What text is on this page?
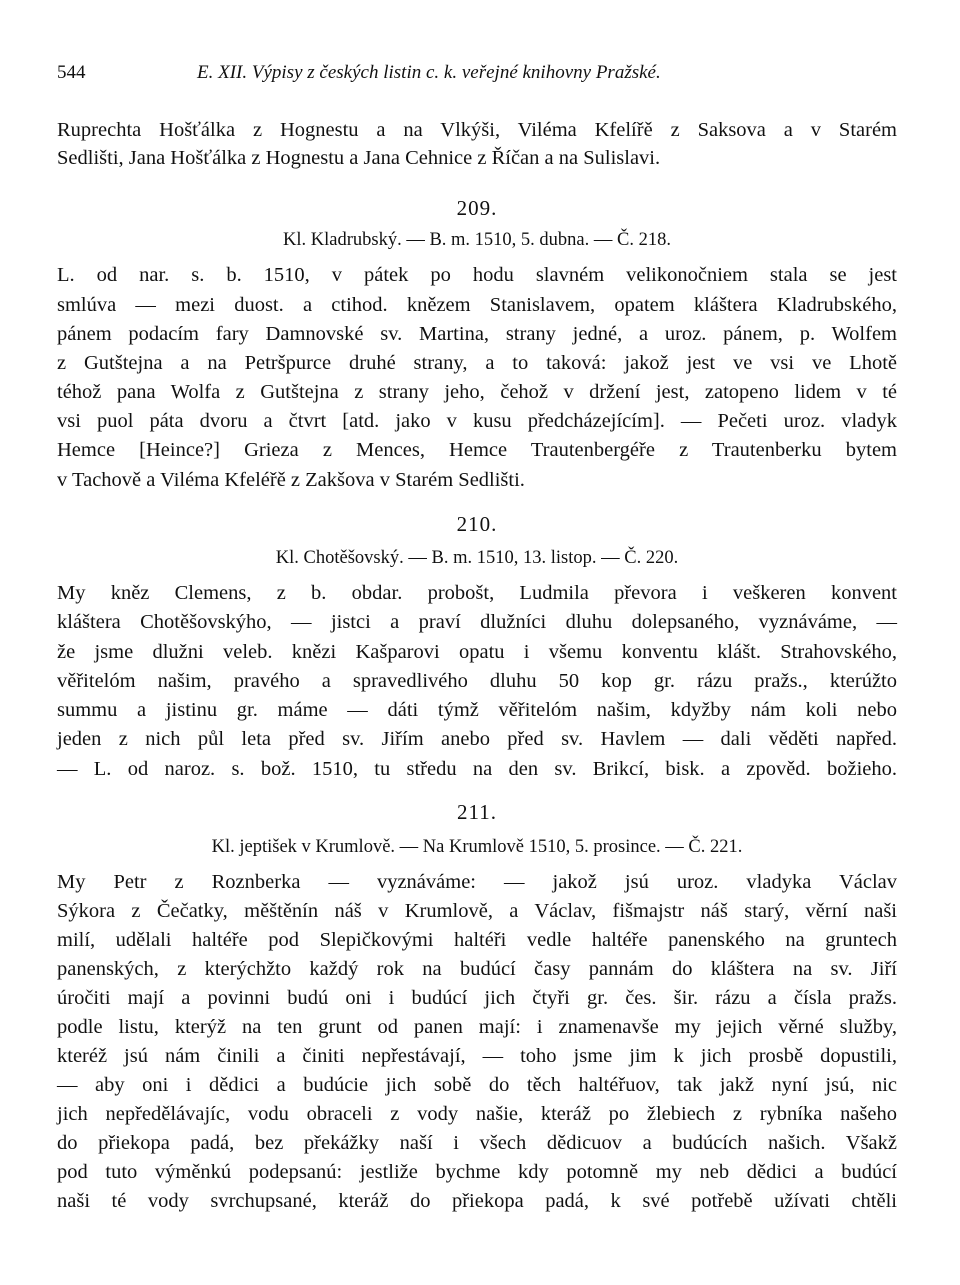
544	E. XII. Výpisy z českých listin c. k. veřejné knihovny Pražské.
Ruprechta Hošťálka z Hognestu a na Vlkýši, Viléma Kfelířě z Saksova a v Starém
Sedlišti, Jana Hošťálka z Hognestu a Jana Cehnice z Říčan a na Sulislavi.
209.
Kl. Kladrubský. — B. m. 1510, 5. dubna. — Č. 218.
L. od nar. s. b. 1510, v pátek po hodu slavném velikonočniem stala se jest
smlúva — mezi duost. a ctihod. knězem Stanislavem, opatem kláštera Kladrubského,
pánem podacím fary Damnovské sv. Martina, strany jedné, a uroz. pánem, p. Wolfem
z Gutštejna a na Petršpurce druhé strany, a to taková: jakož jest ve vsi ve Lhotě
téhož pana Wolfa z Gutštejna z strany jeho, čehož v držení jest, zatopeno lidem v té
vsi puol páta dvoru a čtvrt [atd. jako v kusu předcházejícím]. — Pečeti uroz. vladyk
Hemce [Heince?] Grieza z Mences, Hemce Trautenbergéře z Trautenberku bytem
v Tachově a Viléma Kfeléřě z Zakšova v Starém Sedlišti.
210.
Kl. Chotěšovský. — B. m. 1510, 13. listop. — Č. 220.
My kněz Clemens, z b. obdar. probošt, Ludmila převora i veškeren konvent
kláštera Chotěšovskýho, — jistci a praví dlužníci dluhu dolepsaného, vyznáváme, —
že jsme dlužni veleb. knězi Kašparovi opatu i všemu konventu klášt. Strahovského,
věřitelóm našim, pravého a spravedlivého dluhu 50 kop gr. rázu pražs., kterúžto
summu a jistinu gr. máme — dáti týmž věřitelóm našim, kdyžby nám koli nebo
jeden z nich půl leta před sv. Jiřím anebo před sv. Havlem — dali věděti napřed.
— L. od naroz. s. bož. 1510, tu středu na den sv. Brikcí, bisk. a zpověd. božieho.
211.
Kl. jeptišek v Krumlově. — Na Krumlově 1510, 5. prosince. — Č. 221.
My Petr z Roznberka — vyznáváme: — jakož jsú uroz. vladyka Václav
Sýkora z Čečatky, měštěnín náš v Krumlově, a Václav, fišmajstr náš starý, věrní naši
milí, udělali haltéře pod Slepičkovými haltéři vedle haltéře panenského na gruntech
panenských, z kterýchžto každý rok na budúcí časy pannám do kláštera na sv. Jiří
úročiti mají a povinni budú oni i budúcí jich čtyři gr. čes. šir. rázu a čísla pražs.
podle listu, kterýž na ten grunt od panen mají: i znamenavše my jejich věrné služby,
kteréž jsú nám činili a činiti nepřestávají, — toho jsme jim k jich prosbě dopustili,
— aby oni i dědici a budúcie jich sobě do těch haltéřuov, tak jakž nyní jsú, nic
jich nepředělávajíc, vodu obraceli z vody našie, kteráž po žlebiech z rybníka našeho
do přiekopa padá, bez překážky naší i všech dědicuov a budúcích našich. Všakž
pod tuto výměnkú podepsanú: jestliže bychme kdy potomně my neb dědici a budúcí
naši té vody svrchupsané, kteráž do přiekopa padá, k své potřebě užívati chtěli
